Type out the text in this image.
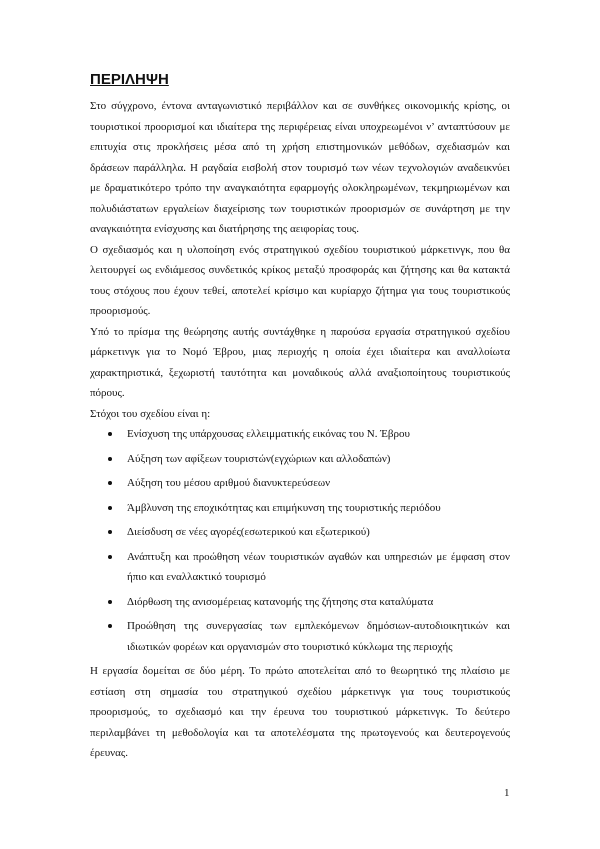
ΠΕΡΙΛΗΨΗ

Στο σύγχρονο, έντονα ανταγωνιστικό περιβάλλον και σε συνθήκες οικονομικής κρίσης, οι τουριστικοί προορισμοί και ιδιαίτερα της περιφέρειας είναι υποχρεωμένοι ν’ ανταπτύσουν με επιτυχία στις προκλήσεις μέσα από τη χρήση επιστημονικών μεθόδων, σχεδιασμών και δράσεων παράλληλα. Η ραγδαία εισβολή στον τουρισμό των νέων τεχνολογιών αναδεικνύει με δραματικότερο τρόπο την αναγκαιότητα εφαρμογής ολοκληρωμένων, τεκμηριωμένων και πολυδιάστατων εργαλείων διαχείρισης των τουριστικών προορισμών σε συνάρτηση με την αναγκαιότητα ενίσχυσης και διατήρησης της αειφορίας τους.

Ο σχεδιασμός και η υλοποίηση ενός στρατηγικού σχεδίου τουριστικού μάρκετινγκ, που θα λειτουργεί ως ενδιάμεσος συνδετικός κρίκος μεταξύ προσφοράς και ζήτησης και θα κατακτά τους στόχους που έχουν τεθεί, αποτελεί κρίσιμο και κυρίαρχο ζήτημα για τους τουριστικούς προορισμούς.

Υπό το πρίσμα της θεώρησης αυτής συντάχθηκε η παρούσα εργασία στρατηγικού σχεδίου μάρκετινγκ για το Νομό Έβρου, μιας περιοχής η οποία έχει ιδιαίτερα και αναλλοίωτα χαρακτηριστικά, ξεχωριστή ταυτότητα και μοναδικούς αλλά αναξιοποίητους τουριστικούς πόρους.

Στόχοι του σχεδίου είναι η:

Ενίσχυση της υπάρχουσας ελλειμματικής εικόνας του Ν. Έβρου
Αύξηση των αφίξεων τουριστών(εγχώριων και αλλοδαπών)
Αύξηση του μέσου αριθμού διανυκτερεύσεων
Άμβλυνση της εποχικότητας και επιμήκυνση της τουριστικής περιόδου
Διείσδυση σε νέες αγορές(εσωτερικού και εξωτερικού)
Ανάπτυξη και προώθηση νέων τουριστικών αγαθών και υπηρεσιών με έμφαση στον ήπιο και εναλλακτικό τουρισμό
Διόρθωση της ανισομέρειας κατανομής της ζήτησης στα καταλύματα
Προώθηση της συνεργασίας των εμπλεκόμενων δημόσιων-αυτοδιοικητικών και ιδιωτικών φορέων και οργανισμών στο τουριστικό κύκλωμα της περιοχής

Η εργασία δομείται σε δύο μέρη. Το πρώτο αποτελείται από το θεωρητικό της πλαίσιο με εστίαση στη σημασία του στρατηγικού σχεδίου μάρκετινγκ για τους τουριστικούς προορισμούς, το σχεδιασμό και την έρευνα του τουριστικού μάρκετινγκ. Το δεύτερο περιλαμβάνει τη μεθοδολογία και τα αποτελέσματα της πρωτογενούς και δευτερογενούς έρευνας.

1
